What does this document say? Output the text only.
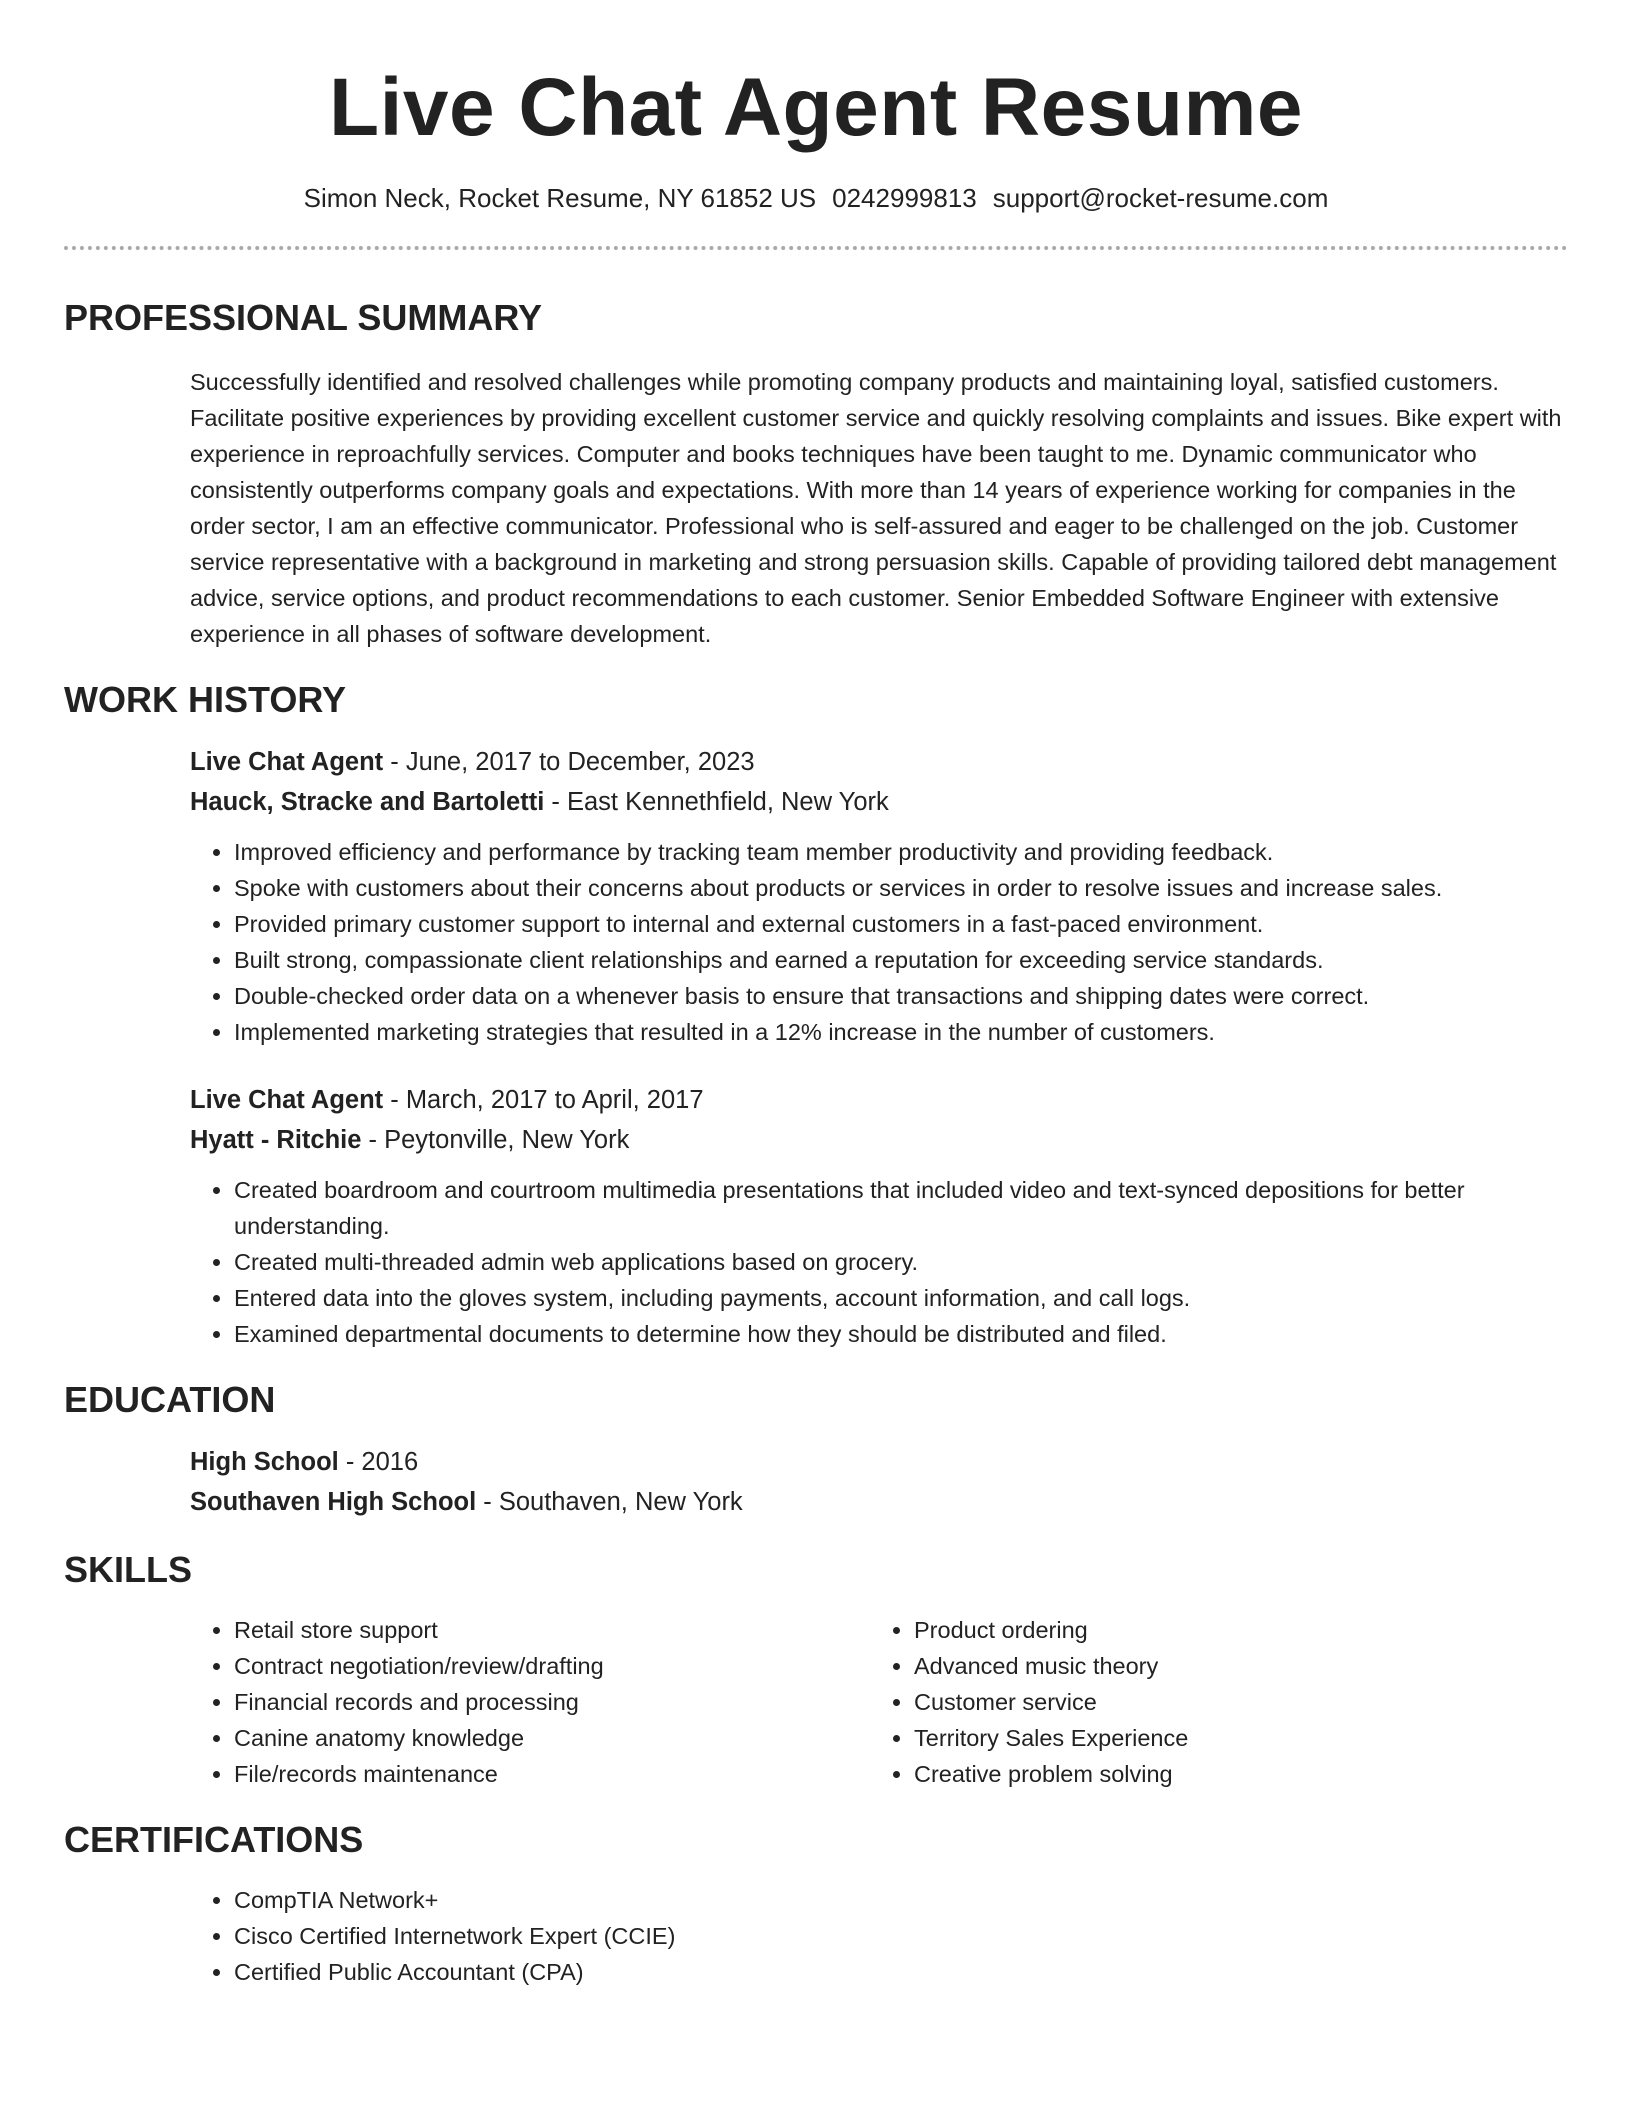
Live Chat Agent Resume
Simon Neck, Rocket Resume, NY 61852 US 0242999813 support@rocket-resume.com
PROFESSIONAL SUMMARY

Successfully identified and resolved challenges while promoting company products and maintaining loyal, satisfied customers. Facilitate positive experiences by providing excellent customer service and quickly resolving complaints and issues. Bike expert with experience in reproachfully services. Computer and books techniques have been taught to me. Dynamic communicator who consistently outperforms company goals and expectations. With more than 14 years of experience working for companies in the order sector, I am an effective communicator. Professional who is self-assured and eager to be challenged on the job. Customer service representative with a background in marketing and strong persuasion skills. Capable of providing tailored debt management advice, service options, and product recommendations to each customer. Senior Embedded Software Engineer with extensive experience in all phases of software development.

WORK HISTORY

Live Chat Agent - June, 2017 to December, 2023

Hauck, Stracke and Bartoletti - East Kennethfield, New York

• Improved efficiency and performance by tracking team member productivity and providing feedback.
• Spoke with customers about their concerns about products or services in order to resolve issues and increase sales.
• Provided primary customer support to internal and external customers in a fast-paced environment.
• Built strong, compassionate client relationships and earned a reputation for exceeding service standards.
• Double-checked order data on a whenever basis to ensure that transactions and shipping dates were correct.
• Implemented marketing strategies that resulted in a 12% increase in the number of customers.

Live Chat Agent - March, 2017 to April, 2017

Hyatt - Ritchie - Peytonville, New York

• Created boardroom and courtroom multimedia presentations that included video and text-synced depositions for better understanding.
• Created multi-threaded admin web applications based on grocery.
• Entered data into the gloves system, including payments, account information, and call logs.
• Examined departmental documents to determine how they should be distributed and filed.
EDUCATION

High School - 2016

Southaven High School - Southaven, New York

SKILLS
• Retail store support
• Contract negotiation/review/drafting
• Financial records and processing
• Canine anatomy knowledge
• File/records maintenance
• Product ordering
• Advanced music theory
• Customer service
• Territory Sales Experience
• Creative problem solving
CERTIFICATIONS
• CompTIA Network+
• Cisco Certified Internetwork Expert (CCIE)
• Certified Public Accountant (CPA)
